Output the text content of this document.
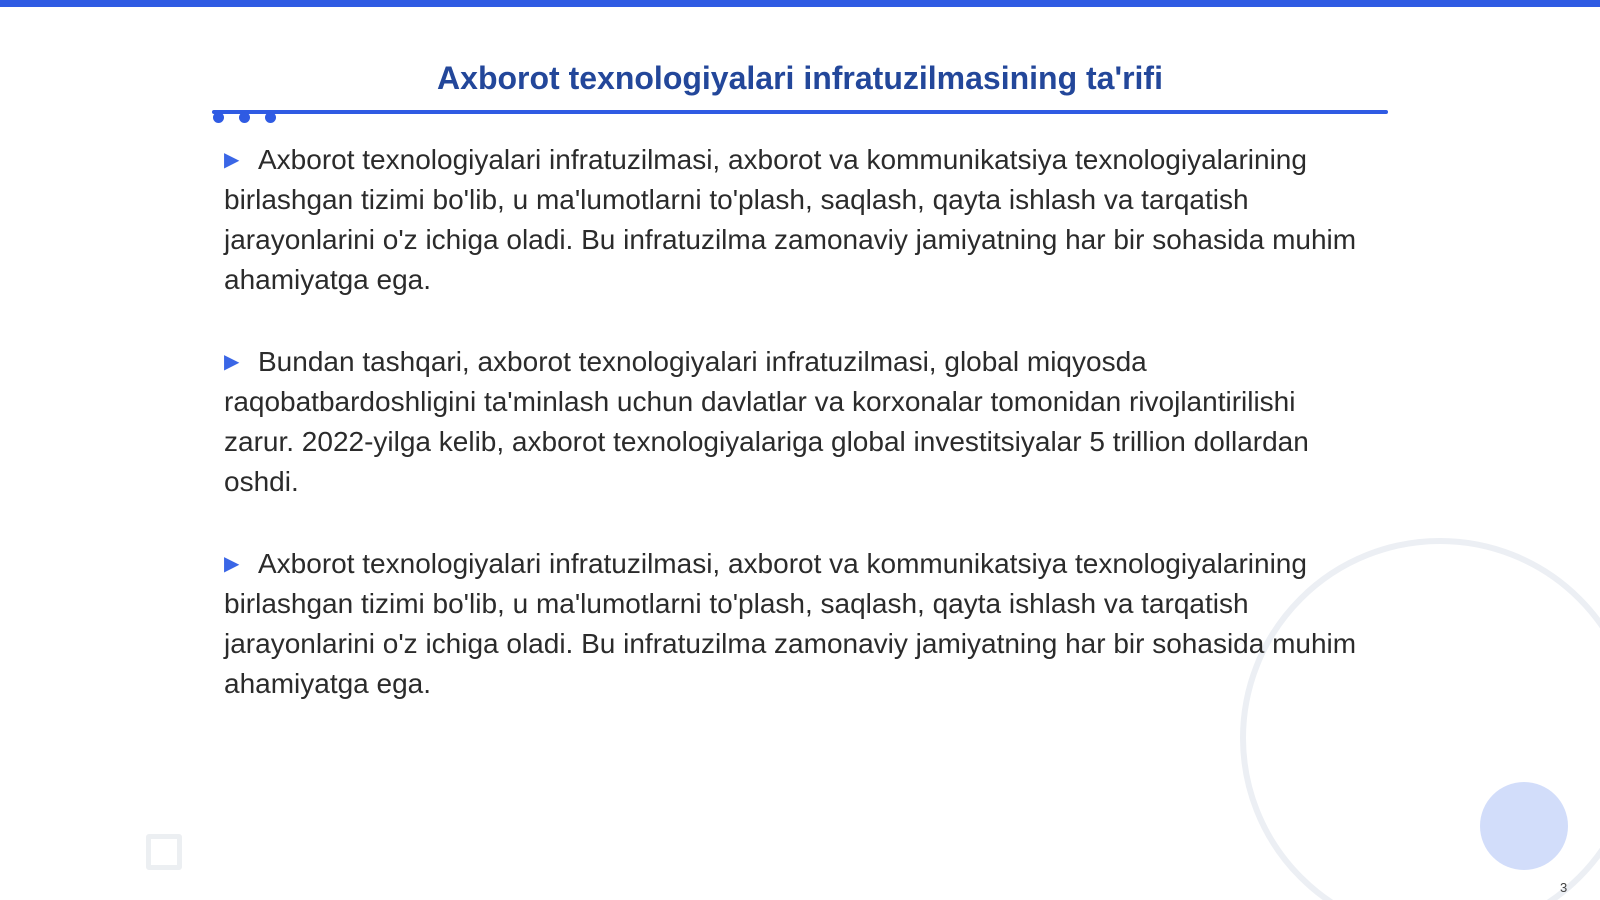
Axborot texnologiyalari infratuzilmasining ta'rifi

▶ Axborot texnologiyalari infratuzilmasi, axborot va kommunikatsiya texnologiyalarining birlashgan tizimi bo'lib, u ma'lumotlarni to'plash, saqlash, qayta ishlash va tarqatish jarayonlarini o'z ichiga oladi. Bu infratuzilma zamonaviy jamiyatning har bir sohasida muhim ahamiyatga ega.

▶ Bundan tashqari, axborot texnologiyalari infratuzilmasi, global miqyosda raqobatbardoshligini ta'minlash uchun davlatlar va korxonalar tomonidan rivojlantirilishi zarur. 2022-yilga kelib, axborot texnologiyalariga global investitsiyalar 5 trillion dollardan oshdi.

▶ Axborot texnologiyalari infratuzilmasi, axborot va kommunikatsiya texnologiyalarining birlashgan tizimi bo'lib, u ma'lumotlarni to'plash, saqlash, qayta ishlash va tarqatish jarayonlarini o'z ichiga oladi. Bu infratuzilma zamonaviy jamiyatning har bir sohasida muhim ahamiyatga ega.

3
